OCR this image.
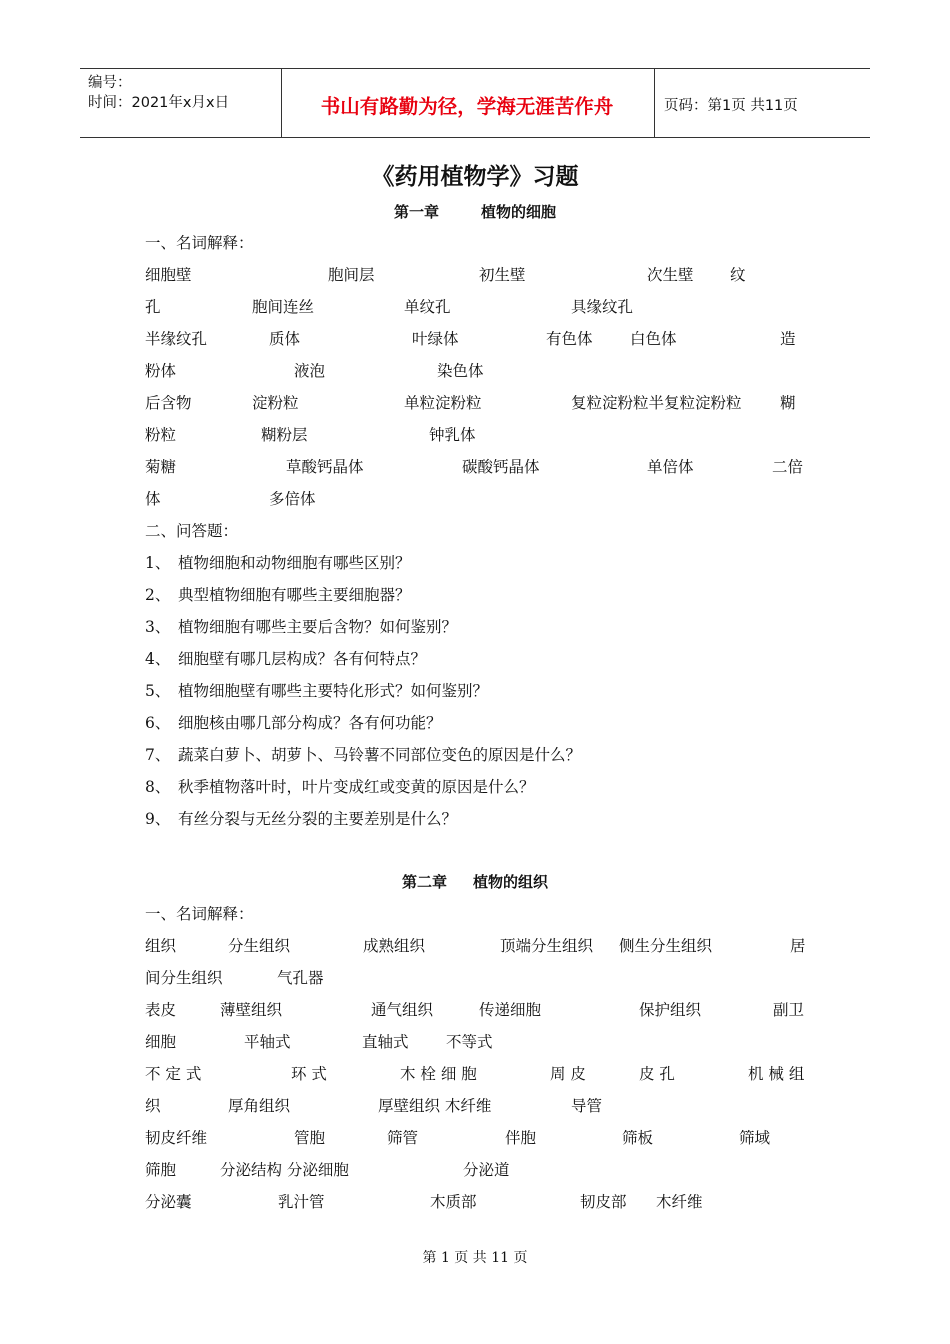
编号：
时间：2021年x月x日	书山有路勤为径，学海无涯苦作舟	页码：第1页 共11页
《药用植物学》习题
第一章	植物的细胞
一、名词解释：
细胞壁	胞间层	初生壁	次生壁 纹
孔	胞间连丝	单纹孔	具缘纹孔
半缘纹孔	质体	叶绿体	有色体 白色体	造
粉体	液泡	染色体
后含物	淀粉粒	单粒淀粉粒	复粒淀粉粒半复粒淀粉粒 糊
粉粒	糊粉层	钟乳体
菊糖	草酸钙晶体	碳酸钙晶体	单倍体	二倍
体	多倍体
二、问答题：
1、 植物细胞和动物细胞有哪些区别？
2、 典型植物细胞有哪些主要细胞器？
3、 植物细胞有哪些主要后含物？如何鉴别？
4、 细胞壁有哪几层构成？各有何特点？
5、 植物细胞壁有哪些主要特化形式？如何鉴别？
6、 细胞核由哪几部分构成？各有何功能？
7、 蔬菜白萝卜、胡萝卜、马铃薯不同部位变色的原因是什么？
8、 秋季植物落叶时，叶片变成红或变黄的原因是什么？
9、 有丝分裂与无丝分裂的主要差别是什么？
第二章 植物的组织
一、名词解释：
组织	分生组织	成熟组织	顶端分生组织 侧生分生组织	居
间分生组织	气孔器
表皮	薄壁组织	通气组织	传递细胞	保护组织	副卫
细胞	平轴式	直轴式 不等式
不 定 式	环 式	木 栓 细 胞	周 皮	皮 孔	机 械 组
织	厚角组织	厚壁组织 木纤维	导管
韧皮纤维	管胞	筛管	伴胞	筛板	筛域
筛胞	分泌结构 分泌细胞	分泌道
分泌囊	乳汁管	木质部	韧皮部 木纤维
第 1 页 共 11 页
